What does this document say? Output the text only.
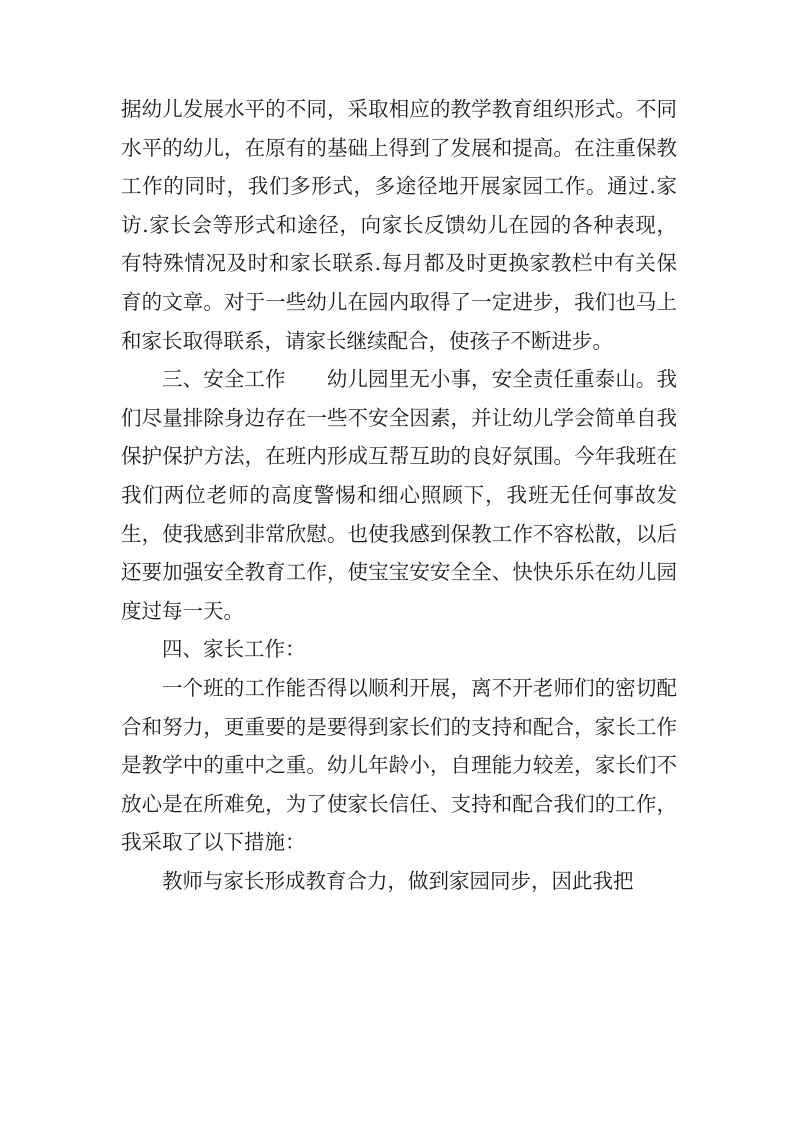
据幼儿发展水平的不同，采取相应的教学教育组织形式。不同水平的幼儿，在原有的基础上得到了发展和提高。在注重保教工作的同时，我们多形式，多途径地开展家园工作。通过.家访.家长会等形式和途径，向家长反馈幼儿在园的各种表现，有特殊情况及时和家长联系.每月都及时更换家教栏中有关保育的文章。对于一些幼儿在园内取得了一定进步，我们也马上和家长取得联系，请家长继续配合，使孩子不断进步。

三、安全工作　　幼儿园里无小事，安全责任重泰山。我们尽量排除身边存在一些不安全因素，并让幼儿学会简单自我保护保护方法，在班内形成互帮互助的良好氛围。今年我班在我们两位老师的高度警惕和细心照顾下，我班无任何事故发生，使我感到非常欣慰。也使我感到保教工作不容松散，以后还要加强安全教育工作，使宝宝安安全全、快快乐乐在幼儿园度过每一天。

四、家长工作：

一个班的工作能否得以顺利开展，离不开老师们的密切配合和努力，更重要的是要得到家长们的支持和配合，家长工作是教学中的重中之重。幼儿年龄小，自理能力较差，家长们不放心是在所难免，为了使家长信任、支持和配合我们的工作，我采取了以下措施：

教师与家长形成教育合力，做到家园同步，因此我把
